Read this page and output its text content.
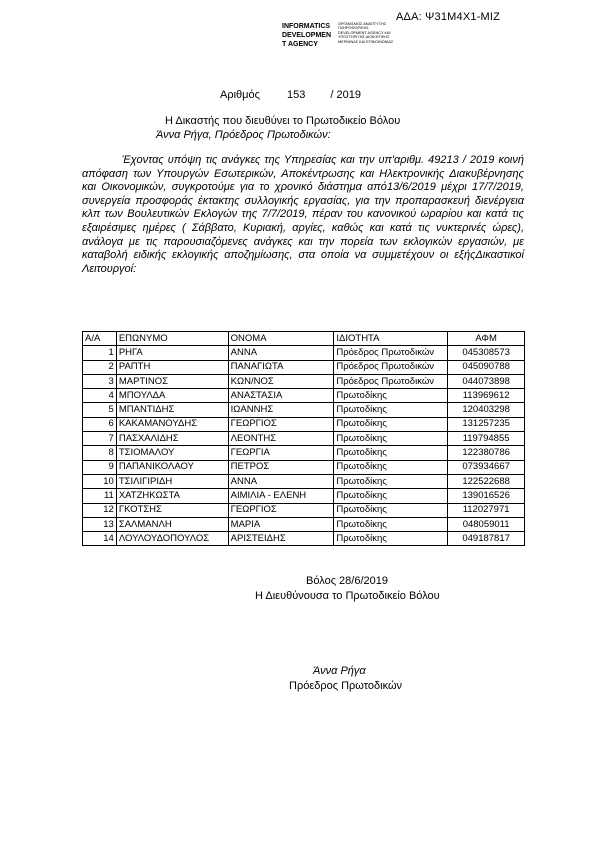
ΑΔΑ: Ψ31Μ4Χ1-ΜΙΖ
INFORMATICS DEVELOPMEN T AGENCY
ΟΡΓΑΝΙΣΜΟΣ ΑΝΑΠΤΥΞΗΣ ΠΛΗΡΟΦΟΡΙΚΗΣ DEVELOPMENT AGENCY ΚΑΙ ΥΠΟΣΤΗΡΙΞΗΣ ΔΙΟΙΚΗΤΙΚΗΣ ΜΕΡΙΜΝΑΣ ΚΑΙ ΕΠΙΚΟΙΝΩΝΙΑΣ
Αριθμός 153 / 2019
Η Δικαστής που διευθύνει το Πρωτοδικείο Βόλου
Άννα Ρήγα, Πρόεδρος Πρωτοδικών:
Έχοντας υπόψη τις ανάγκες της Υπηρεσίας και την υπ'αριθμ. 49213 / 2019 κοινή απόφαση των Υπουργών Εσωτερικών, Αποκέντρωσης και Ηλεκτρονικής Διακυβέρνησης και Οικονομικών, συγκροτούμε για το χρονικό διάστημα από13/6/2019 μέχρι 17/7/2019, συνεργεία προσφοράς έκτακτης συλλογικής εργασίας, για την προπαρασκευή διενέργεια κλπ των Βουλευτικών Εκλογών της 7/7/2019, πέραν του κανονικού ωραρίου και κατά τις εξαιρέσιμες ημέρες ( Σάββατο, Κυριακή, αργίες, καθώς και κατά τις νυκτερινές ώρες), ανάλογα με τις παρουσιαζόμενες ανάγκες και την πορεία των εκλογικών εργασιών, με καταβολή ειδικής εκλογικής αποζημίωσης, στα οποία να συμμετέχουν οι εξήςΔικαστικοί Λειτουργοί:
Α/Α	ΕΠΩΝΥΜΟ	ΟΝΟΜΑ	ΙΔΙΟΤΗΤΑ	ΑΦΜ
1	ΡΗΓΑ	ΑΝΝΑ	Πρόεδρος Πρωτοδικών	045308573
2	ΡΑΠΤΗ	ΠΑΝΑΓΙΩΤΑ	Πρόεδρος Πρωτοδικών	045090788
3	ΜΑΡΤΙΝΟΣ	ΚΩΝ/ΝΟΣ	Πρόεδρος Πρωτοδικών	044073898
4	ΜΠΟΥΛΔΑ	ΑΝΑΣΤΑΣΙΑ	Πρωτοδίκης	113969612
5	ΜΠΑΝΤΙΔΗΣ	ΙΩΑΝΝΗΣ	Πρωτοδίκης	120403298
6	ΚΑΚΑΜΑΝΟΥΔΗΣ	ΓΕΩΡΓΙΟΣ	Πρωτοδίκης	131257235
7	ΠΑΣΧΑΛΙΔΗΣ	ΛΕΟΝΤΗΣ	Πρωτοδίκης	119794855
8	ΤΣΙΟΜΑΛΟΥ	ΓΕΩΡΓΙΑ	Πρωτοδίκης	122380786
9	ΠΑΠΑΝΙΚΟΛΑΟΥ	ΠΕΤΡΟΣ	Πρωτοδίκης	073934667
10	ΤΣΙΛΙΓΙΡΙΔΗ	ΑΝΝΑ	Πρωτοδίκης	122522688
11	ΧΑΤΖΗΚΩΣΤΑ	ΑΙΜΙΛΙΑ - ΕΛΕΝΗ	Πρωτοδίκης	139016526
12	ΓΚΟΤΣΗΣ	ΓΕΩΡΓΙΟΣ	Πρωτοδίκης	112027971
13	ΣΑΛΜΑΝΛΗ	ΜΑΡΙΑ	Πρωτοδίκης	048059011
14	ΛΟΥΛΟΥΔΟΠΟΥΛΟΣ	ΑΡΙΣΤΕΙΔΗΣ	Πρωτοδίκης	049187817
Βόλος 28/6/2019
Η Διευθύνουσα το Πρωτοδικείο Βόλου
Άννα Ρήγα
Πρόεδρος Πρωτοδικών
